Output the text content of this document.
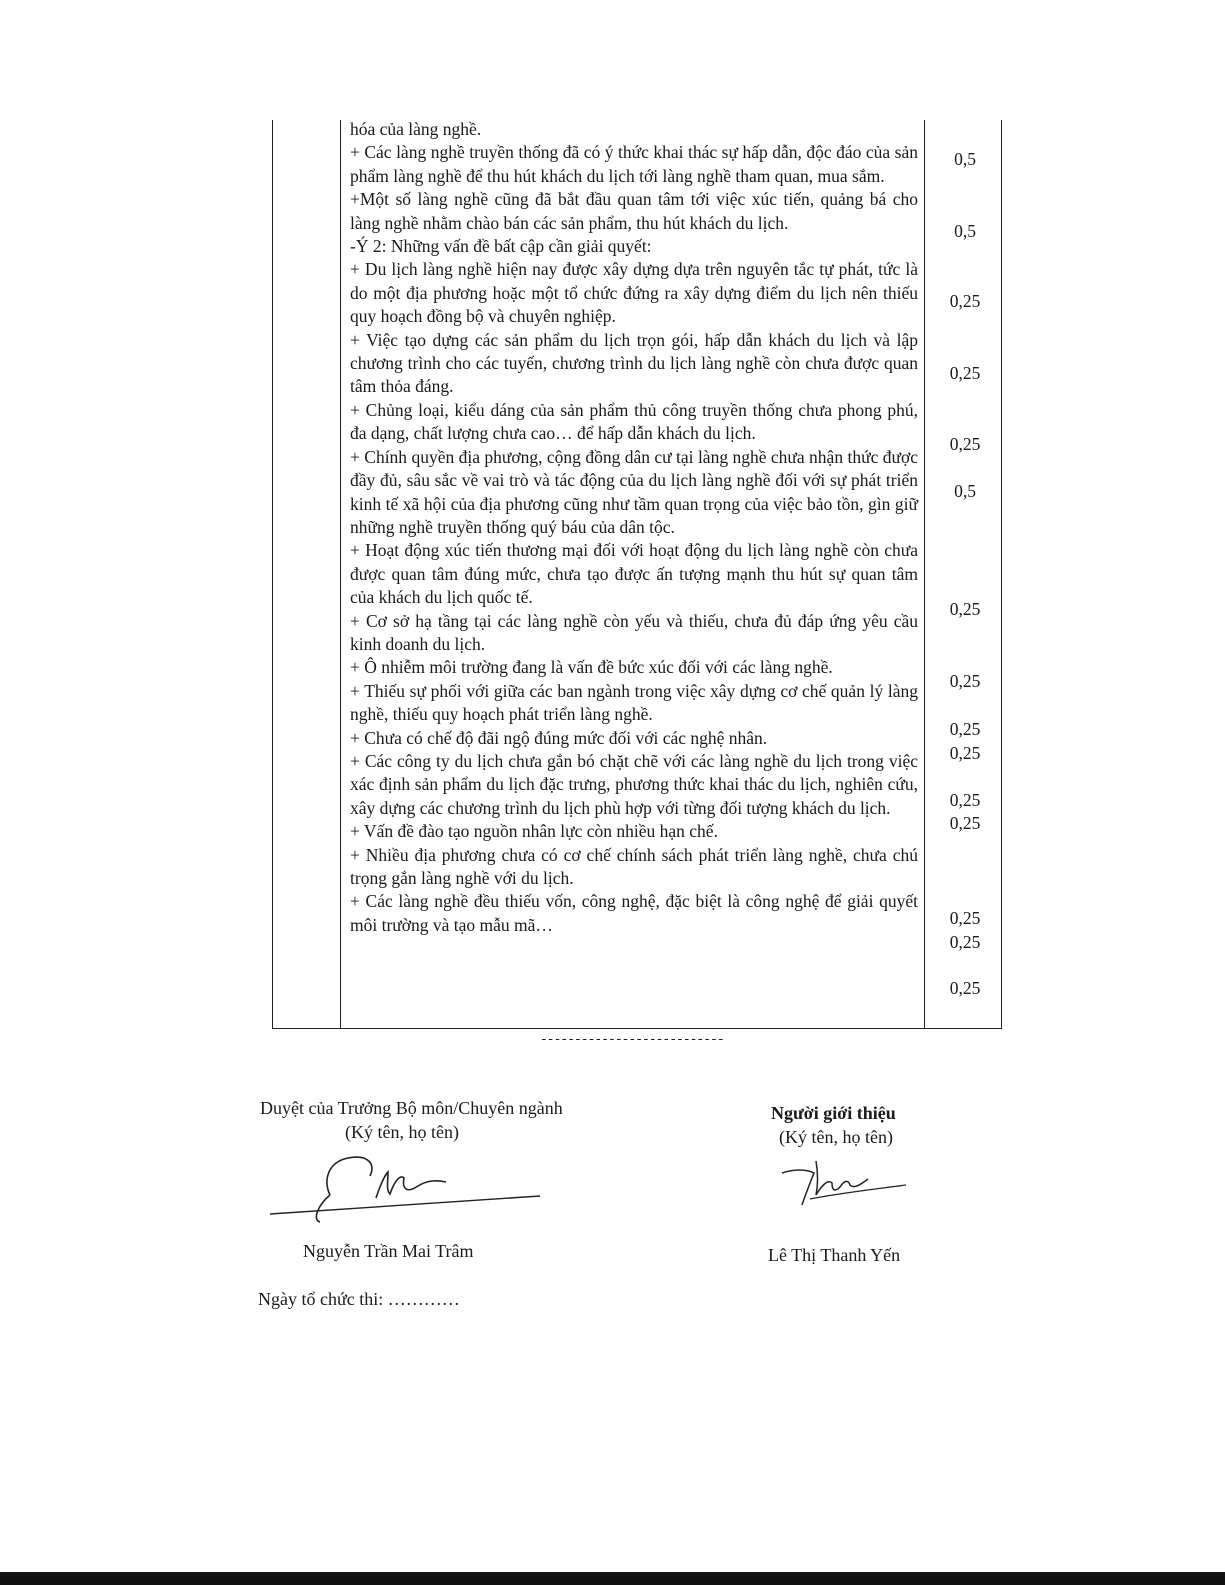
hóa của làng nghề.

+ Các làng nghề truyền thống đã có ý thức khai thác sự hấp dẫn, độc đáo của sản phẩm làng nghề để thu hút khách du lịch tới làng nghề tham quan, mua sắm.

+Một số làng nghề cũng đã bắt đầu quan tâm tới việc xúc tiến, quảng bá cho làng nghề nhằm chào bán các sản phẩm, thu hút khách du lịch.

-Ý 2: Những vấn đề bất cập cần giải quyết:

+ Du lịch làng nghề hiện nay được xây dựng dựa trên nguyên tắc tự phát, tức là do một địa phương hoặc một tổ chức đứng ra xây dựng điểm du lịch nên thiếu quy hoạch đồng bộ và chuyên nghiệp.

+ Việc tạo dựng các sản phẩm du lịch trọn gói, hấp dẫn khách du lịch và lập chương trình cho các tuyến, chương trình du lịch làng nghề còn chưa được quan tâm thỏa đáng.

+ Chủng loại, kiểu dáng của sản phẩm thủ công truyền thống chưa phong phú, đa dạng, chất lượng chưa cao… để hấp dẫn khách du lịch.

+ Chính quyền địa phương, cộng đồng dân cư tại làng nghề chưa nhận thức được đầy đủ, sâu sắc về vai trò và tác động của du lịch làng nghề đối với sự phát triển kinh tế xã hội của địa phương cũng như tầm quan trọng của việc bảo tồn, gìn giữ những nghề truyền thống quý báu của dân tộc.

+ Hoạt động xúc tiến thương mại đối với hoạt động du lịch làng nghề còn chưa được quan tâm đúng mức, chưa tạo được ấn tượng mạnh thu hút sự quan tâm của khách du lịch quốc tế.

+ Cơ sở hạ tầng tại các làng nghề còn yếu và thiếu, chưa đủ đáp ứng yêu cầu kinh doanh du lịch.

+ Ô nhiễm môi trường đang là vấn đề bức xúc đối với các làng nghề.

+ Thiếu sự phối với giữa các ban ngành trong việc xây dựng cơ chế quản lý làng nghề, thiếu quy hoạch phát triển làng nghề.

+ Chưa có chế độ đãi ngộ đúng mức đối với các nghệ nhân.

+ Các công ty du lịch chưa gắn bó chặt chẽ với các làng nghề du lịch trong việc xác định sản phẩm du lịch đặc trưng, phương thức khai thác du lịch, nghiên cứu, xây dựng các chương trình du lịch phù hợp với từng đối tượng khách du lịch.

+ Vấn đề đào tạo nguồn nhân lực còn nhiều hạn chế.

+ Nhiều địa phương chưa có cơ chế chính sách phát triển làng nghề, chưa chú trọng gắn làng nghề với du lịch.

+ Các làng nghề đều thiếu vốn, công nghệ, đặc biệt là công nghệ để giải quyết môi trường và tạo mẫu mã…

0,5
0,5
0,25
0,25
0,25
0,5
0,25
0,25
0,25
0,25
0,25
0,25
0,25
0,25
0,25
---------------------------
Duyệt của Trưởng Bộ môn/Chuyên ngành
(Ký tên, họ tên)
Nguyễn Trần Mai Trâm
Người giới thiệu
(Ký tên, họ tên)
Lê Thị Thanh Yến
Ngày tổ chức thi: …………
